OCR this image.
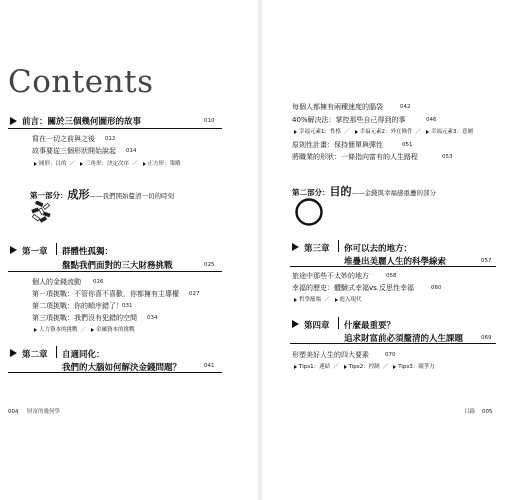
Contents
前言：關於三個幾何圖形的故事	010
寫在一切之前與之後 012
故事要從三個形狀開始說起 014
圓形：目的 ／ 三角形：決定次序 ／ 正方形：策略
第一部分：成形——我們開始釐清一切的時刻
第一章 群體性孤獨：
盤點我們面對的三大財務挑戰	025
個人的金錢流動 026
第一項挑戰：不管你喜不喜歡，你都擁有主導權 027
第二項挑戰：你的順序錯了！ 031
第三項挑戰：我們沒有犯錯的空間 034
人力資本的挑戰 ／ 金融資本的挑戰
第二章 自適同化：
我們的大腦如何解決金錢問題？	041
004 財富的幾何學
每個人都擁有兩種速度的腦袋	042
40%解決法：掌控那些自己得到的事	046
幸福元素1：性格 ／ 幸福元素2：外在條件 ／ 幸福元素3：意圖
原則性計畫：保持簡單與彈性	051
將職業的形狀：一條指向富有的人生路程	053
第二部分：目的——金錢與幸福感重疊的部分
第三章 你可以去的地方：
堆疊出美麗人生的科學線索	057
旅途中那些不太妙的地方	058
幸福的歷史：體驗式幸福vs.反思性幸福	060
哲學濫殤 ／ 進入現代
第四章 什麼最重要？
追求財富前必須釐清的人生課題	069
形塑美好人生的四大要素	070
Tips1：連結 ／ Tips2：控制 ／ Tips3：競爭力
目錄 005
